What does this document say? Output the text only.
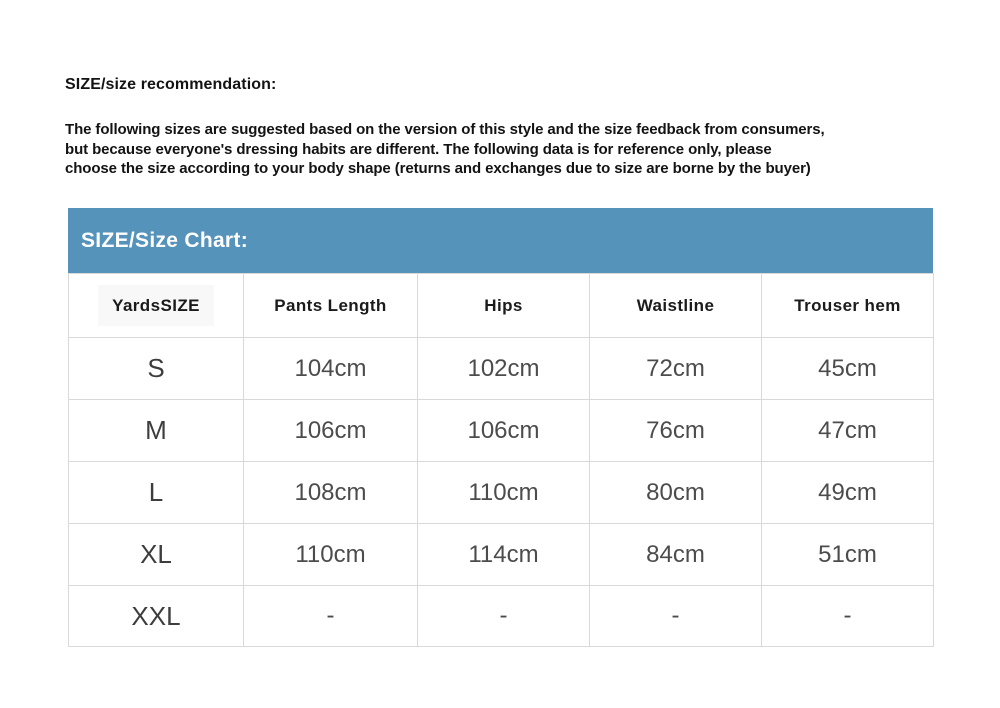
SIZE/size recommendation:
The following sizes are suggested based on the version of this style and the size feedback from consumers,
but because everyone's dressing habits are different. The following data is for reference only, please
choose the size according to your body shape (returns and exchanges due to size are borne by the buyer)
SIZE/Size Chart:
YardsSIZE	Pants Length	Hips	Waistline	Trouser hem
S	104cm	102cm	72cm	45cm
M	106cm	106cm	76cm	47cm
L	108cm	110cm	80cm	49cm
XL	110cm	114cm	84cm	51cm
XXL	-	-	-	-
